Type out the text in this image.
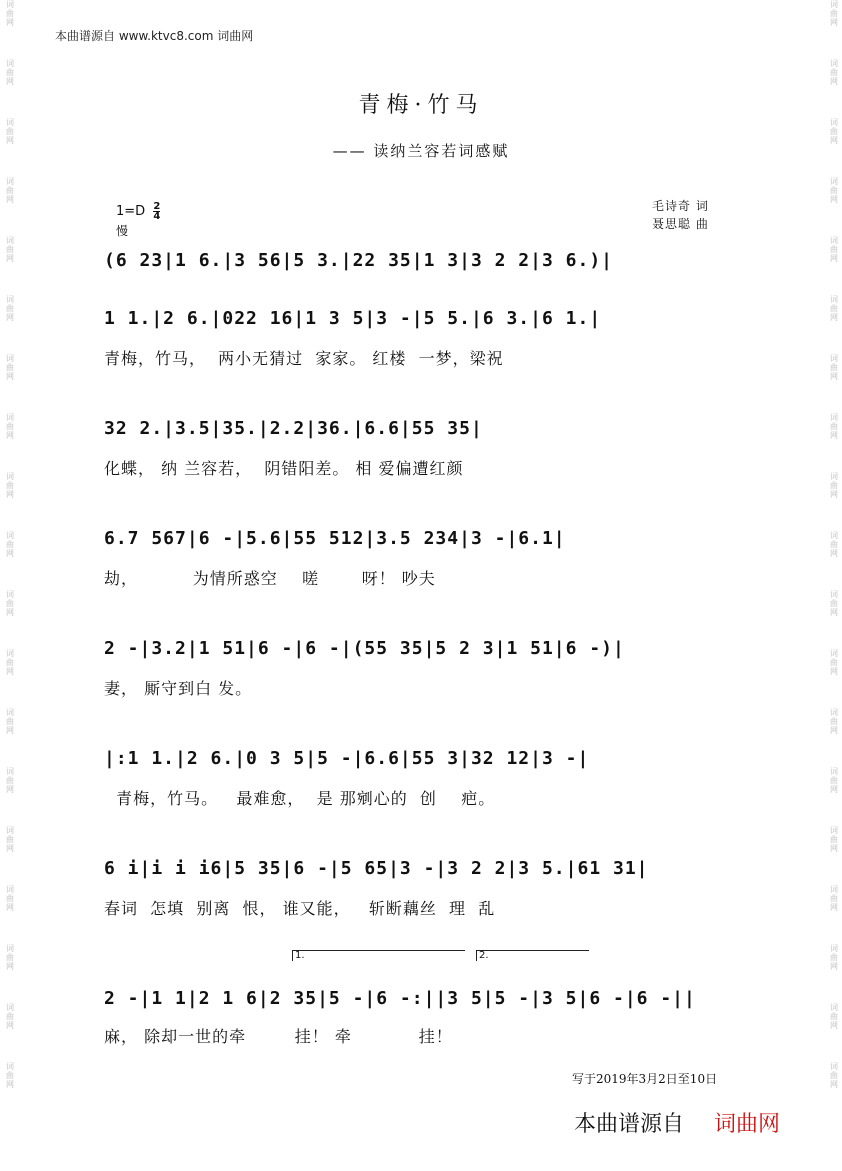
词
曲
网
词
曲
网
词
曲
网
词
曲
网
词
曲
网
词
曲
网
词
曲
网
词
曲
网
词
曲
网
词
曲
网
词
曲
网
词
曲
网
词
曲
网
词
曲
网
词
曲
网
词
曲
网
词
曲
网
词
曲
网
词
曲
网
词
曲
网
词
曲
网
词
曲
网
词
曲
网
词
曲
网
词
曲
网
词
曲
网
词
曲
网
词
曲
网
词
曲
网
词
曲
网
词
曲
网
词
曲
网
词
曲
网
词
曲
网
词
曲
网
词
曲
网
词
曲
网
词
曲
网
本曲谱源自 www.ktvc8.com 词曲网
青梅·竹马
—— 读纳兰容若词感赋
$1=D \frac{2}{4}$
慢
毛诗奇 词
聂思聪 曲
(6 23|1 6.|3 56|5 3.|22 35|1 3|3 2 2|3 6.)|
1 1.|2 6.|022 16|1 3 5|3 -|5 5.|6 3.|6 1.|
青梅，竹马，  两小无猜过  家家。 红楼  一梦，梁祝
32 2.|3.5|35.|2.2|36.|6.6|55 35|
化蝶， 纳 兰容若，  阴错阳差。 相 爱偏遭红颜
6.7 567|6 -|5.6|55 512|3.5 234|3 -|6.1|
劫，         为情所惑空    嗟       呀！ 吵夫
2 -|3.2|1 51|6 -|6 -|(55 35|5 2 3|1 51|6 -)|
妻， 厮守到白 发。
|:1 1.|2 6.|0 3 5|5 -|6.6|55 3|32 12|3 -|
青梅，竹马。   最难愈，  是 那剜心的  创    疤。
6 i|i i i6|5 35|6 -|5 65|3 -|3 2 2|3 5.|61 31|
春词  怎填  别离  恨， 谁又能，   斩断藕丝  理  乱
1.	2.
2 -|1 1|2 1 6|2 35|5 -|6 -:||3 5|5 -|3 5|6 -|6 -||
麻， 除却一世的牵        挂！ 牵           挂！
写于2019年3月2日至10日
本曲谱源自 词曲网
